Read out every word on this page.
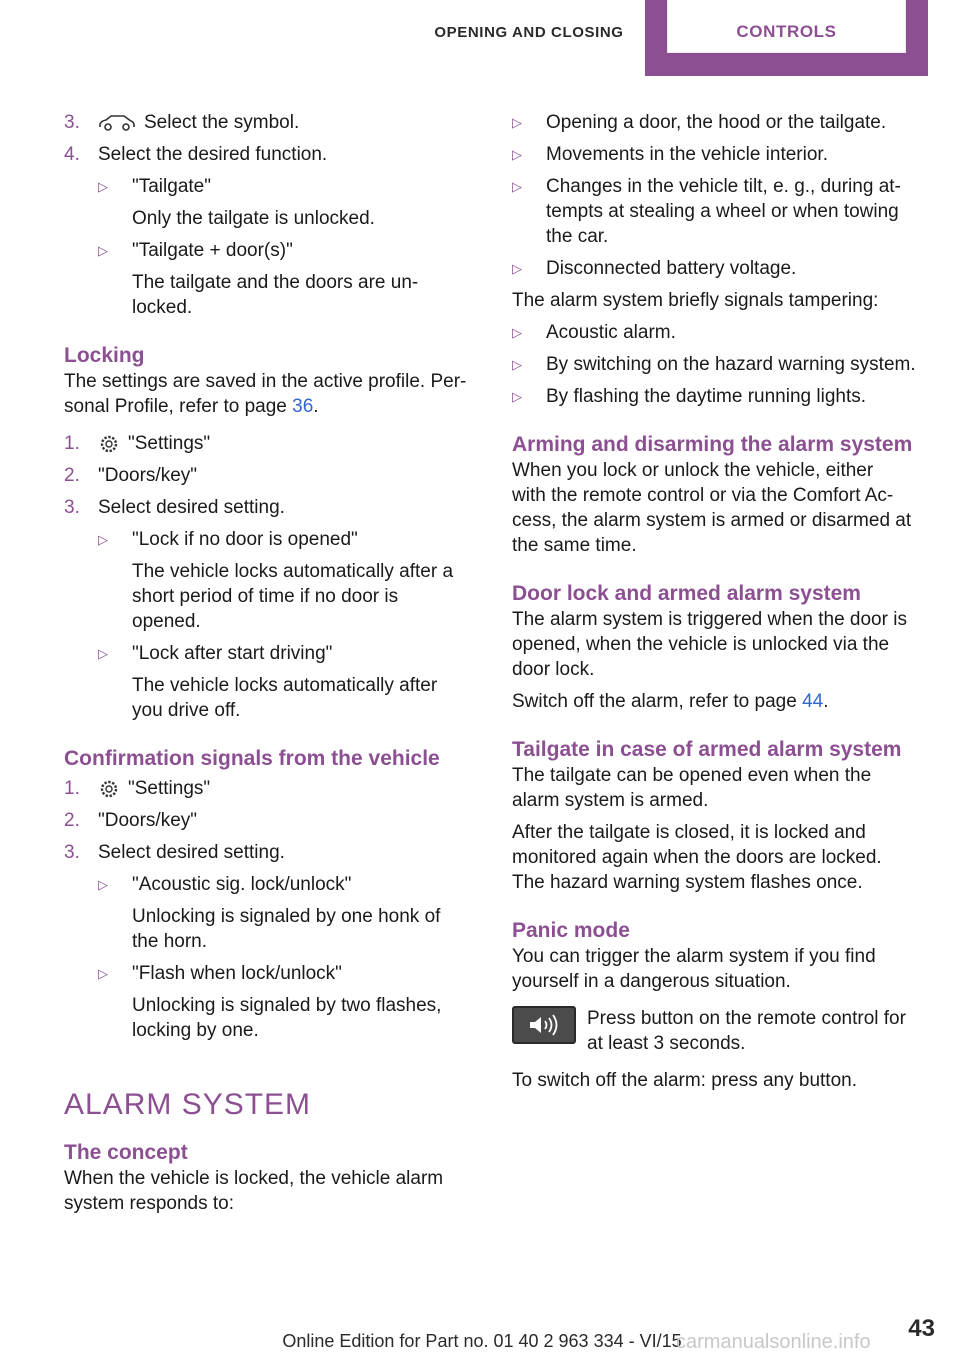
OPENING AND CLOSING	CONTROLS
3.	Select the symbol.
4. Select the desired function.
▷	"Tailgate"
Only the tailgate is unlocked.
▷	"Tailgate + door(s)"
The tailgate and the doors are un-
locked.
Locking
The settings are saved in the active profile. Per-
sonal Profile, refer to page 36.
1.	"Settings"
2. "Doors/key"
3. Select desired setting.
▷	"Lock if no door is opened"
The vehicle locks automatically after a
short period of time if no door is
opened.
▷	"Lock after start driving"
The vehicle locks automatically after
you drive off.
Confirmation signals from the vehicle
1.	"Settings"
2. "Doors/key"
3. Select desired setting.
▷	"Acoustic sig. lock/unlock"
Unlocking is signaled by one honk of
the horn.
▷	"Flash when lock/unlock"
Unlocking is signaled by two flashes,
locking by one.
ALARM SYSTEM
The concept
When the vehicle is locked, the vehicle alarm
system responds to:
▷	Opening a door, the hood or the tailgate.
▷	Movements in the vehicle interior.
▷	Changes in the vehicle tilt, e. g., during at-
tempts at stealing a wheel or when towing
the car.
▷	Disconnected battery voltage.
The alarm system briefly signals tampering:
▷	Acoustic alarm.
▷	By switching on the hazard warning system.
▷	By flashing the daytime running lights.
Arming and disarming the alarm system
When you lock or unlock the vehicle, either
with the remote control or via the Comfort Ac-
cess, the alarm system is armed or disarmed at
the same time.
Door lock and armed alarm system
The alarm system is triggered when the door is
opened, when the vehicle is unlocked via the
door lock.
Switch off the alarm, refer to page 44.
Tailgate in case of armed alarm system
The tailgate can be opened even when the
alarm system is armed.
After the tailgate is closed, it is locked and
monitored again when the doors are locked.
The hazard warning system flashes once.
Panic mode
You can trigger the alarm system if you find
yourself in a dangerous situation.
Press button on the remote control for
at least 3 seconds.
To switch off the alarm: press any button.
Online Edition for Part no. 01 40 2 963 334 - VI/15	43
carmanualsonline.info
